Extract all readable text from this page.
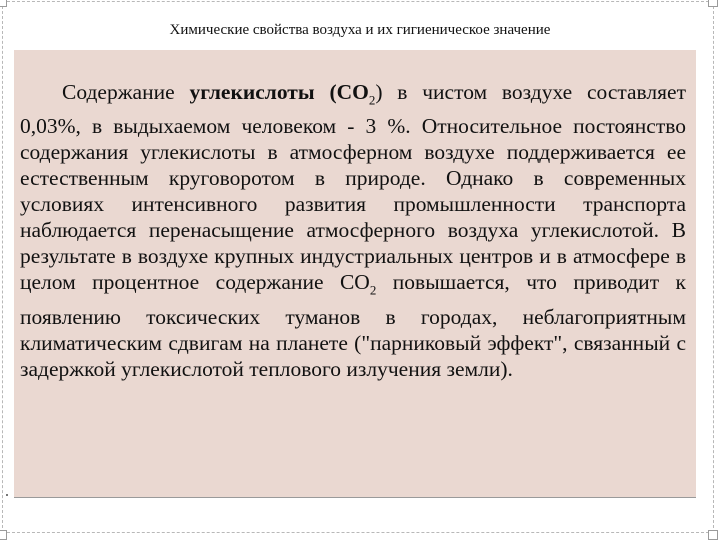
Химические свойства воздуха и их гигиеническое значение

Содержание углекислоты $(СО_2)$ в чистом воздухе составляет 0,03%, в выдыхаемом человеком - 3 %. Относительное постоянство содержания углекислоты в атмосферном воздухе поддерживается ее естественным круговоротом в природе. Однако в современных условиях интенсивного развития промышленности транспорта наблюдается перенасыщение атмосферного воздуха углекислотой. В результате в воздухе крупных индустриальных центров и в атмосфере в целом процентное содержание $СО_2$ повышается, что приводит к появлению токсических туманов в городах, неблагоприятным климатическим сдвигам на планете ("парниковый эффект", связанный с задержкой углекислотой теплового излучения земли).
